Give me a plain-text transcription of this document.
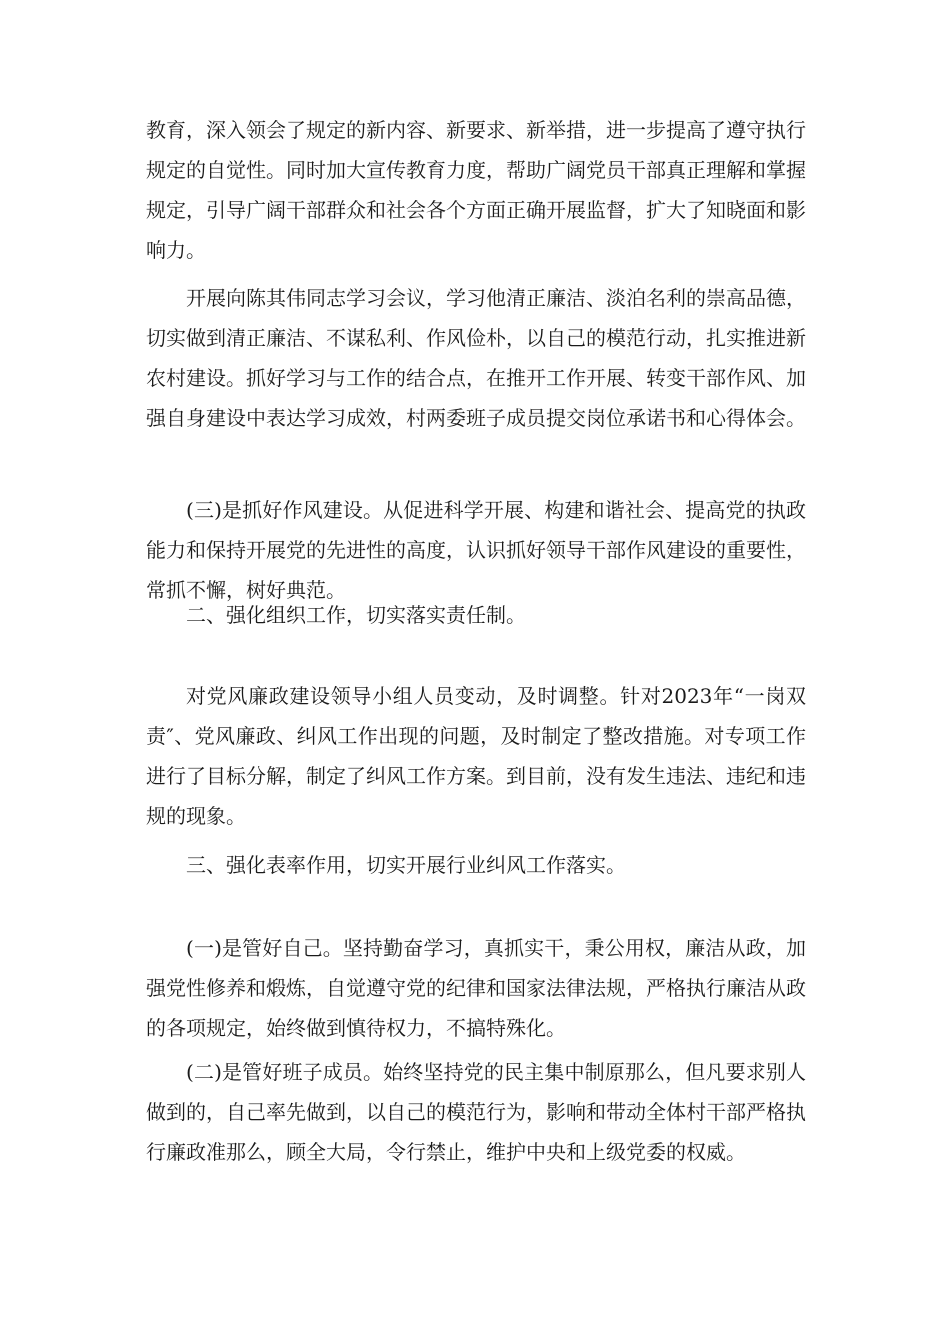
教育，深入领会了规定的新内容、新要求、新举措，进一步提高了遵守执行规定的自觉性。同时加大宣传教育力度，帮助广阔党员干部真正理解和掌握规定，引导广阔干部群众和社会各个方面正确开展监督，扩大了知晓面和影响力。

开展向陈其伟同志学习会议，学习他清正廉洁、淡泊名利的崇高品德，切实做到清正廉洁、不谋私利、作风俭朴，以自己的模范行动，扎实推进新农村建设。抓好学习与工作的结合点，在推开工作开展、转变干部作风、加强自身建设中表达学习成效，村两委班子成员提交岗位承诺书和心得体会。

(三)是抓好作风建设。从促进科学开展、构建和谐社会、提高党的执政能力和保持开展党的先进性的高度，认识抓好领导干部作风建设的重要性，常抓不懈，树好典范。

二、强化组织工作，切实落实责任制。

对党风廉政建设领导小组人员变动，及时调整。针对2023年“一岗双责″、党风廉政、纠风工作出现的问题，及时制定了整改措施。对专项工作进行了目标分解，制定了纠风工作方案。到目前，没有发生违法、违纪和违规的现象。

三、强化表率作用，切实开展行业纠风工作落实。

(一)是管好自己。坚持勤奋学习，真抓实干，秉公用权，廉洁从政，加强党性修养和煅炼，自觉遵守党的纪律和国家法律法规，严格执行廉洁从政的各项规定，始终做到慎待权力，不搞特殊化。

(二)是管好班子成员。始终坚持党的民主集中制原那么，但凡要求别人做到的，自己率先做到，以自己的模范行为，影响和带动全体村干部严格执行廉政准那么，顾全大局，令行禁止，维护中央和上级党委的权威。
